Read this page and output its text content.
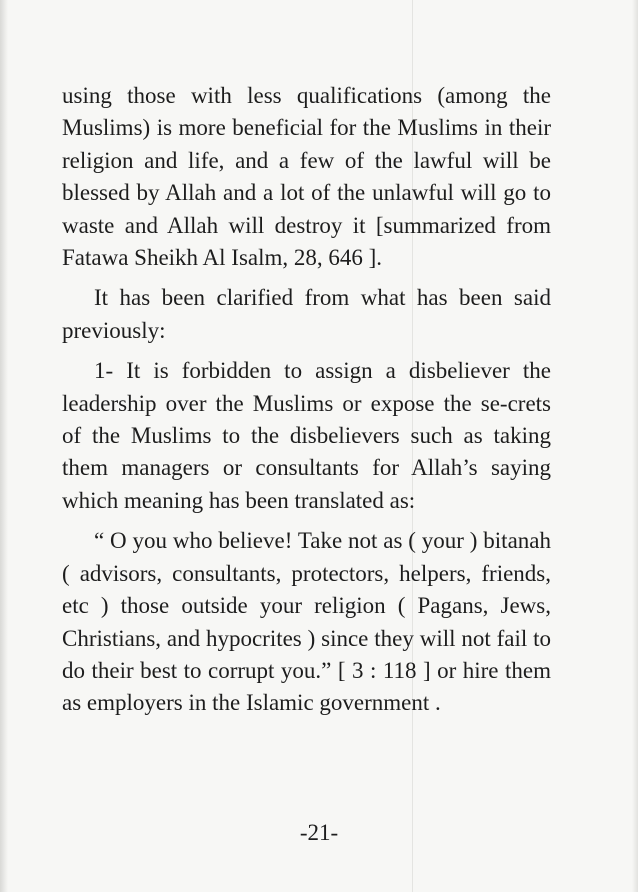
using those with less qualifications (among the Muslims) is more beneficial for the Muslims in their religion and life, and a few of the lawful will be blessed by Allah and a lot of the unlawful will go to waste and Allah will destroy it [summarized from Fatawa Sheikh Al Isalm, 28, 646 ].

It has been clarified from what has been said previously:

1- It is forbidden to assign a disbeliever the leadership over the Muslims or expose the se-crets of the Muslims to the disbelievers such as taking them managers or consultants for Allah’s saying which meaning has been translated as:

“ O you who believe! Take not as ( your ) bitanah ( advisors, consultants, protectors, helpers, friends, etc ) those outside your religion ( Pagans, Jews, Christians, and hypocrites ) since they will not fail to do their best to corrupt you.” [ 3 : 118 ] or hire them as employers in the Islamic government .

-21-
